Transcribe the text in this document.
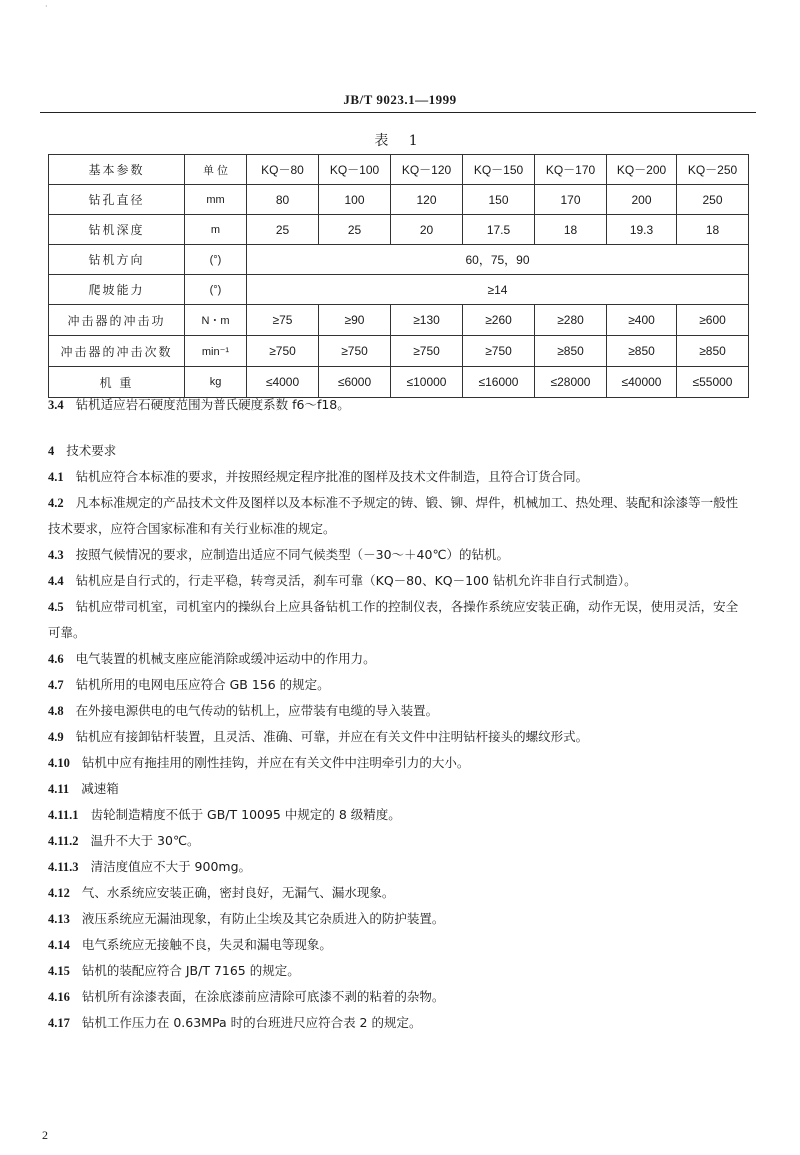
·
JB/T 9023.1—1999
表 1
基本参数	单 位	KQ－80	KQ－100	KQ－120	KQ－150	KQ－170	KQ－200	KQ－250
钻孔直径	mm	80	100	120	150	170	200	250
钻机深度	m	25	25	20	17.5	18	19.3	18
钻机方向	(°)	60，75，90						
爬坡能力	(°)	≥14						
冲击器的冲击功	N・m	≥75	≥90	≥130	≥260	≥280	≥400	≥600
冲击器的冲击次数	min⁻¹	≥750	≥750	≥750	≥750	≥850	≥850	≥850
机 重	kg	≤4000	≤6000	≤10000	≤16000	≤28000	≤40000	≤55000
3.4 钻机适应岩石硬度范围为普氏硬度系数 f6～f18。
4 技术要求
4.1 钻机应符合本标准的要求，并按照经规定程序批准的图样及技术文件制造，且符合订货合同。
4.2 凡本标准规定的产品技术文件及图样以及本标准不予规定的铸、锻、铆、焊件，机械加工、热处理、装配和涂漆等一般性技术要求，应符合国家标准和有关行业标准的规定。
4.3 按照气候情况的要求，应制造出适应不同气候类型（－30～＋40℃）的钻机。
4.4 钻机应是自行式的，行走平稳，转弯灵活，刹车可靠（KQ－80、KQ－100 钻机允许非自行式制造）。
4.5 钻机应带司机室，司机室内的操纵台上应具备钻机工作的控制仪表，各操作系统应安装正确，动作无误，使用灵活，安全可靠。
4.6 电气装置的机械支座应能消除或缓冲运动中的作用力。
4.7 钻机所用的电网电压应符合 GB 156 的规定。
4.8 在外接电源供电的电气传动的钻机上，应带装有电缆的导入装置。
4.9 钻机应有接卸钻杆装置，且灵活、准确、可靠，并应在有关文件中注明钻杆接头的螺纹形式。
4.10 钻机中应有拖挂用的刚性挂钩，并应在有关文件中注明牵引力的大小。
4.11 减速箱
4.11.1 齿轮制造精度不低于 GB/T 10095 中规定的 8 级精度。
4.11.2 温升不大于 30℃。
4.11.3 清洁度值应不大于 900mg。
4.12 气、水系统应安装正确，密封良好，无漏气、漏水现象。
4.13 液压系统应无漏油现象，有防止尘埃及其它杂质进入的防护装置。
4.14 电气系统应无接触不良，失灵和漏电等现象。
4.15 钻机的装配应符合 JB/T 7165 的规定。
4.16 钻机所有涂漆表面，在涂底漆前应清除可底漆不剥的粘着的杂物。
4.17 钻机工作压力在 0.63MPa 时的台班进尺应符合表 2 的规定。
2
